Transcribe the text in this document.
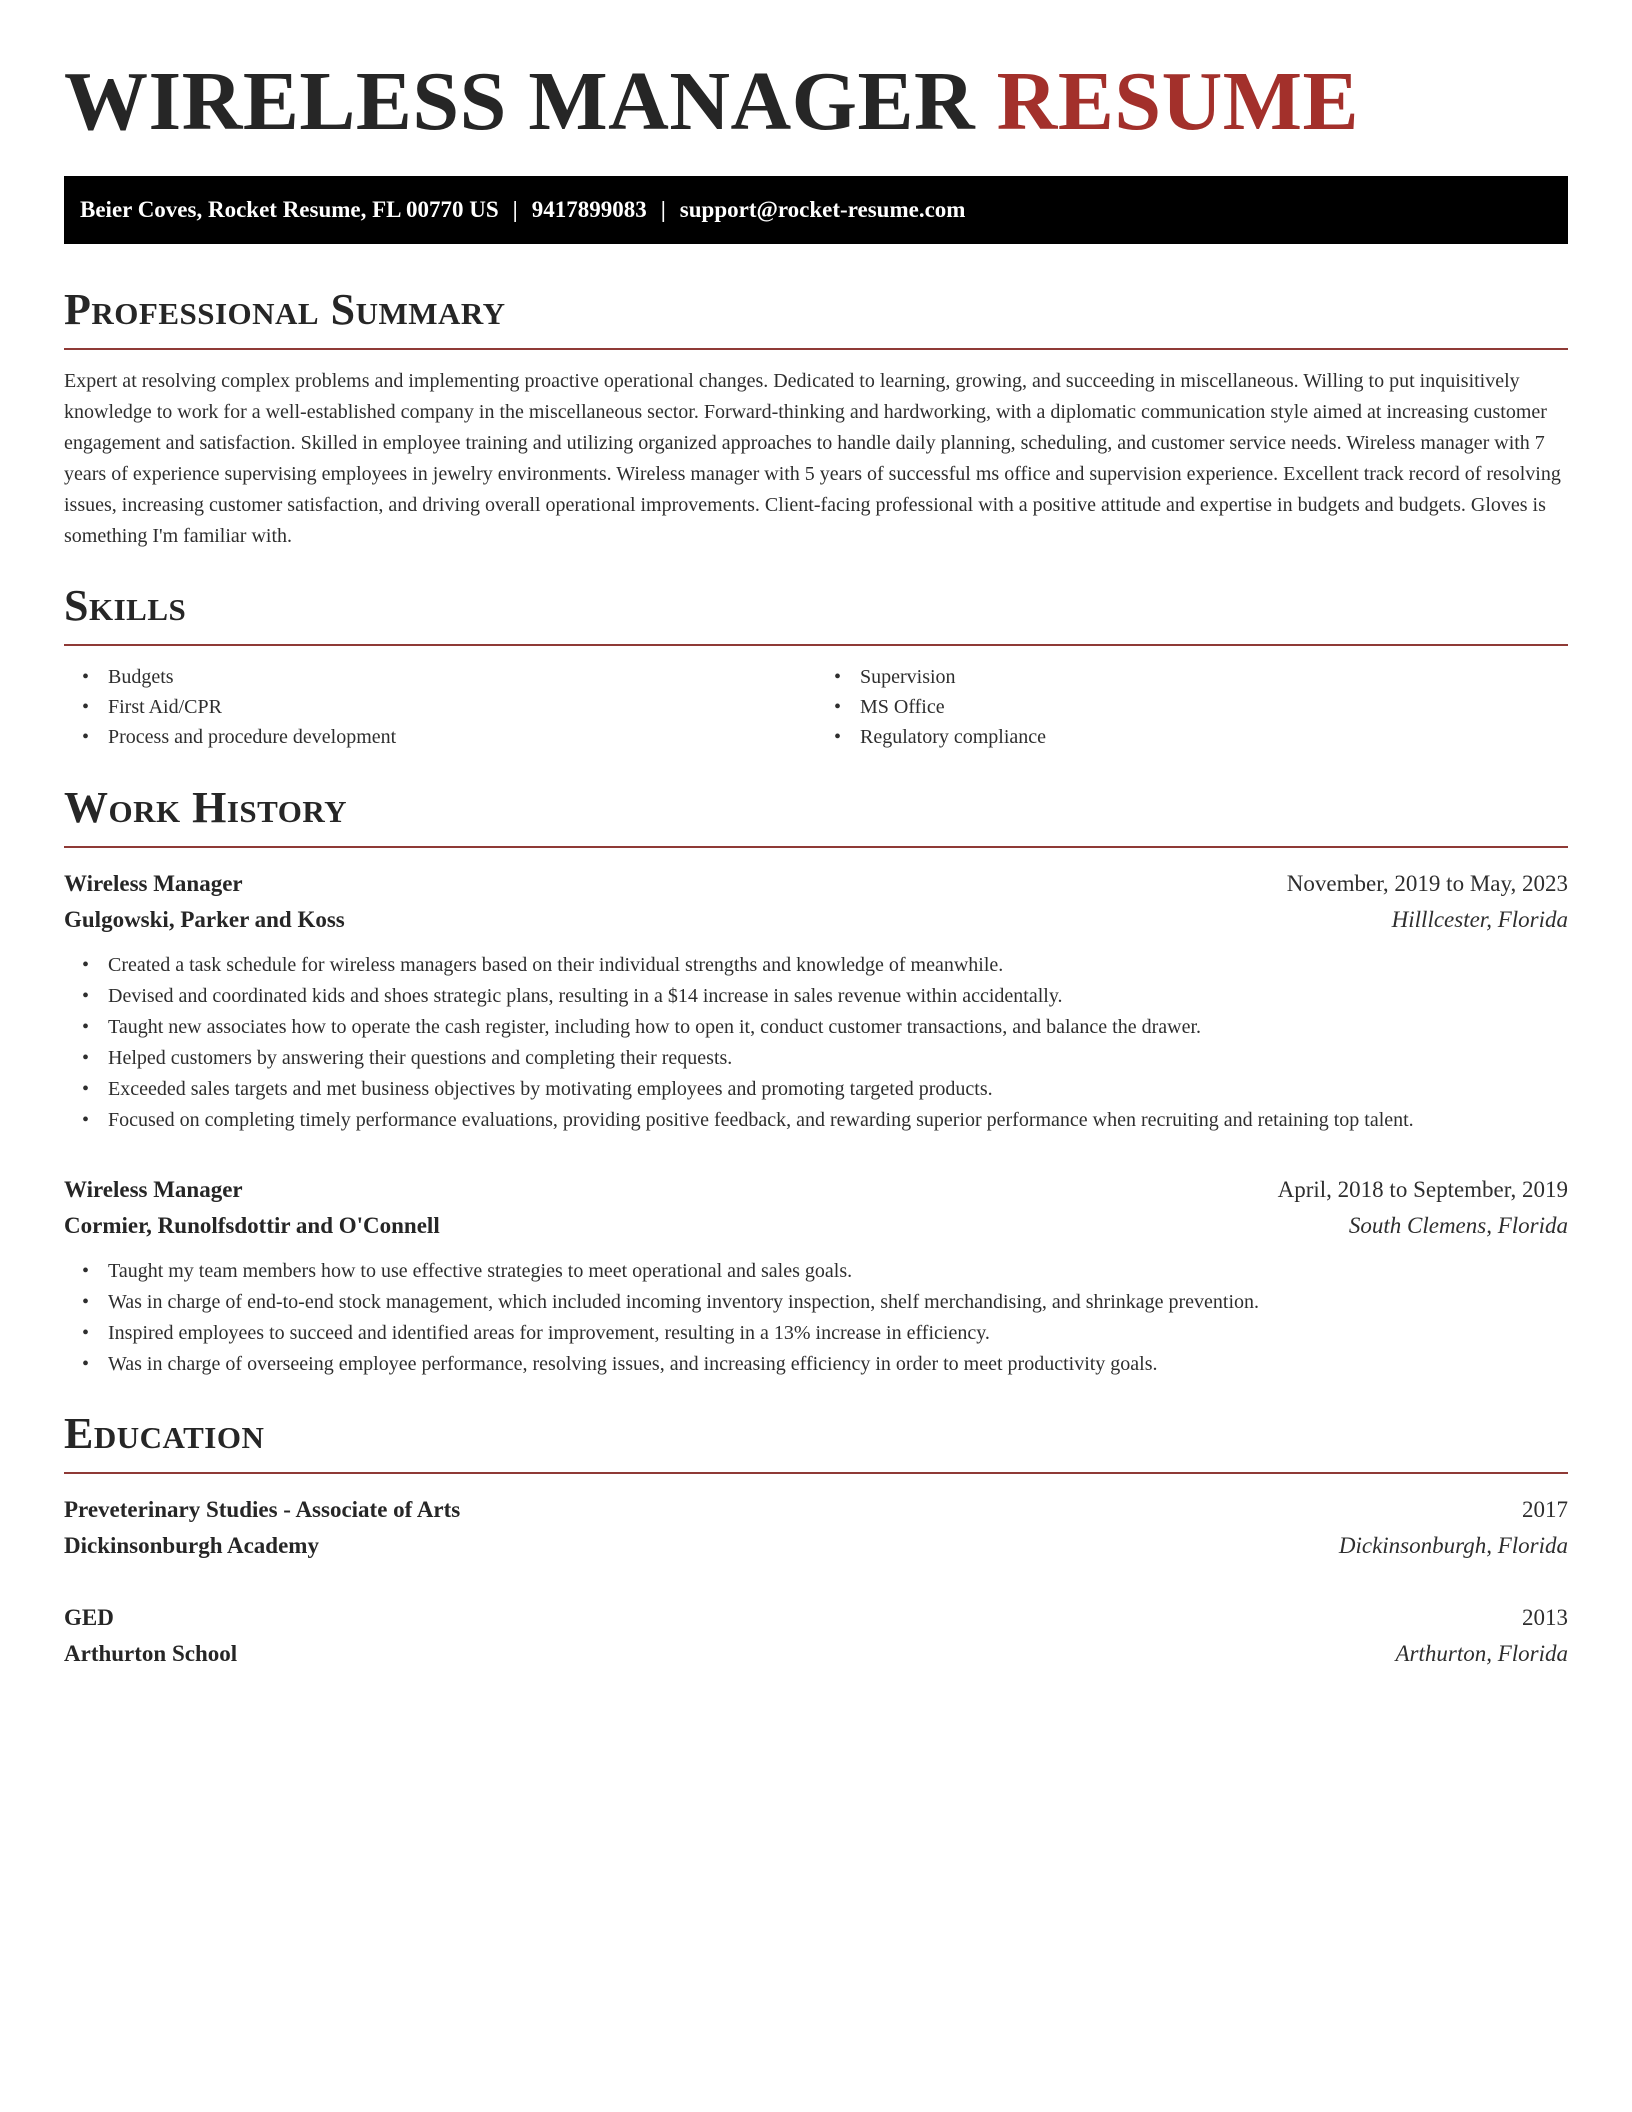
WIRELESS MANAGER RESUME
Beier Coves, Rocket Resume, FL 00770 US | 9417899083 | support@rocket-resume.com
Professional Summary

Expert at resolving complex problems and implementing proactive operational changes. Dedicated to learning, growing, and succeeding in miscellaneous. Willing to put inquisitively knowledge to work for a well-established company in the miscellaneous sector. Forward-thinking and hardworking, with a diplomatic communication style aimed at increasing customer engagement and satisfaction. Skilled in employee training and utilizing organized approaches to handle daily planning, scheduling, and customer service needs. Wireless manager with 7 years of experience supervising employees in jewelry environments. Wireless manager with 5 years of successful ms office and supervision experience. Excellent track record of resolving issues, increasing customer satisfaction, and driving overall operational improvements. Client-facing professional with a positive attitude and expertise in budgets and budgets. Gloves is something I'm familiar with.

Skills
• Budgets
• First Aid/CPR
• Process and procedure development
• Supervision
• MS Office
• Regulatory compliance
Work History
Wireless Manager	November, 2019 to May, 2023
Gulgowski, Parker and Koss	Hilllcester, Florida
• Created a task schedule for wireless managers based on their individual strengths and knowledge of meanwhile.
• Devised and coordinated kids and shoes strategic plans, resulting in a $14 increase in sales revenue within accidentally.
• Taught new associates how to operate the cash register, including how to open it, conduct customer transactions, and balance the drawer.
• Helped customers by answering their questions and completing their requests.
• Exceeded sales targets and met business objectives by motivating employees and promoting targeted products.
• Focused on completing timely performance evaluations, providing positive feedback, and rewarding superior performance when recruiting and retaining top talent.
Wireless Manager	April, 2018 to September, 2019
Cormier, Runolfsdottir and O'Connell	South Clemens, Florida
• Taught my team members how to use effective strategies to meet operational and sales goals.
• Was in charge of end-to-end stock management, which included incoming inventory inspection, shelf merchandising, and shrinkage prevention.
• Inspired employees to succeed and identified areas for improvement, resulting in a 13% increase in efficiency.
• Was in charge of overseeing employee performance, resolving issues, and increasing efficiency in order to meet productivity goals.
Education
Preveterinary Studies - Associate of Arts	2017
Dickinsonburgh Academy	Dickinsonburgh, Florida
GED	2013
Arthurton School	Arthurton, Florida
